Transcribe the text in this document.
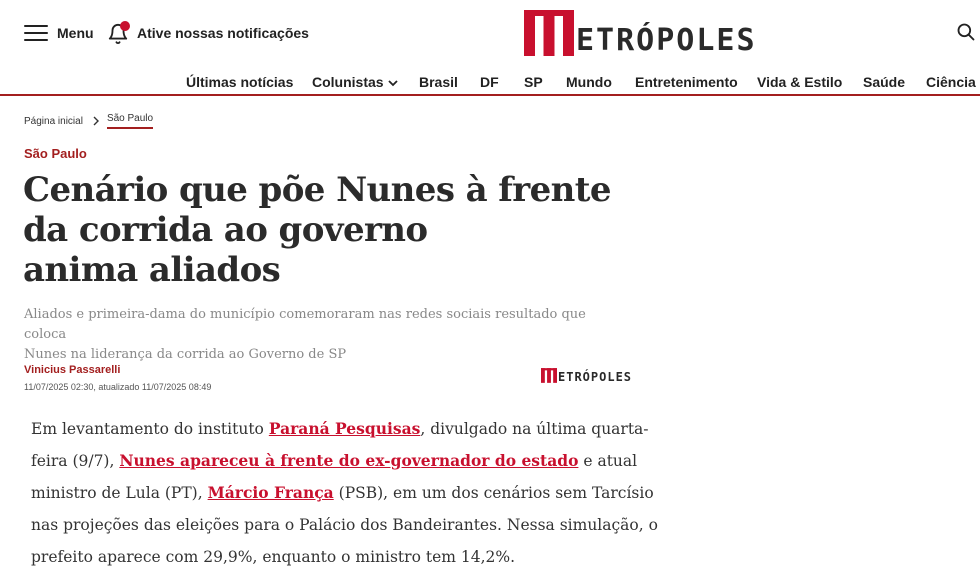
Menu	Ative nossas notificações	ETRÓPOLES
Últimas notícias Colunistas	Brasil DF SP Mundo Entretenimento Vida & Estilo Saúde Ciência
Página inicial São Paulo
São Paulo
Cenário que põe Nunes à frente
da corrida ao governo
anima aliados

Aliados e primeira-dama do município comemoraram nas redes sociais resultado que coloca
Nunes na liderança da corrida ao Governo de SP

Vinicius Passarelli
11/07/2025 02:30, atualizado 11/07/2025 08:49
ETRÓPOLES

Em levantamento do instituto Paraná Pesquisas, divulgado na última quarta-feira (9/7), Nunes apareceu à frente do ex-governador do estado e atual ministro de Lula (PT), Márcio França (PSB), em um dos cenários sem Tarcísio nas projeções das eleições para o Palácio dos Bandeirantes. Nessa simulação, o prefeito aparece com 29,9%, enquanto o ministro tem 14,2%.
